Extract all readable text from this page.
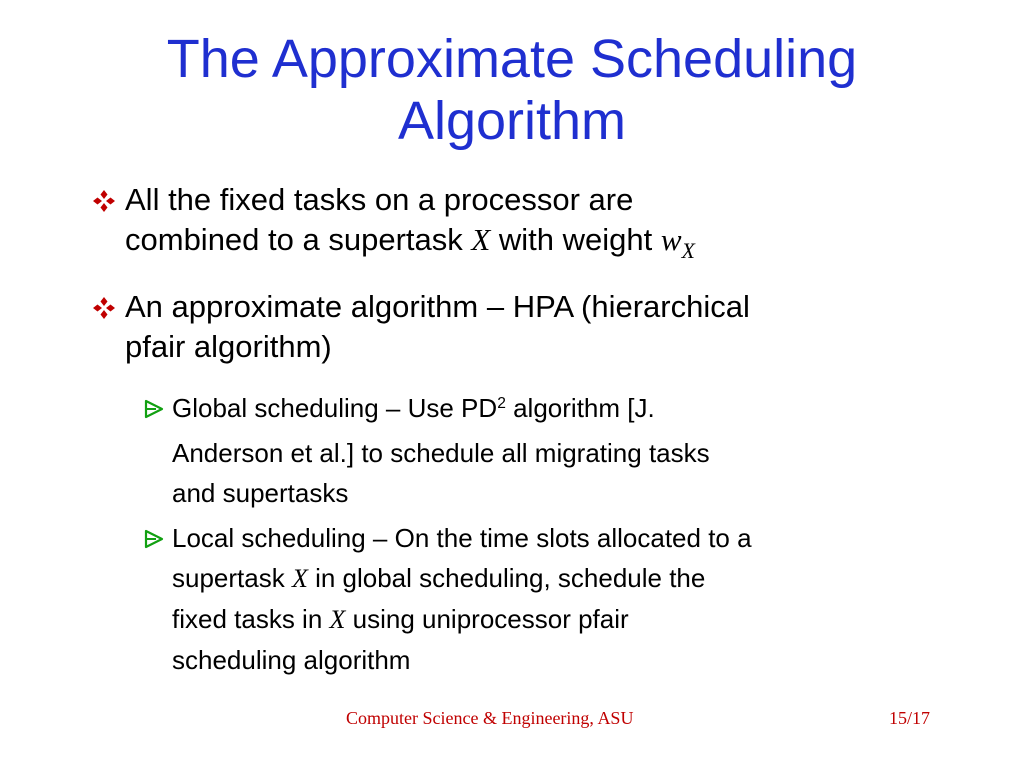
The Approximate Scheduling
Algorithm
All the fixed tasks on a processor are
combined to a supertask X with weight $w_X$
An approximate algorithm – HPA (hierarchical
pfair algorithm)
Global scheduling – Use $PD^2$ algorithm [J.
Anderson et al.] to schedule all migrating tasks
and supertasks
Local scheduling – On the time slots allocated to a
supertask X in global scheduling, schedule the
fixed tasks in X using uniprocessor pfair
scheduling algorithm
Computer Science & Engineering, ASU	15/17
